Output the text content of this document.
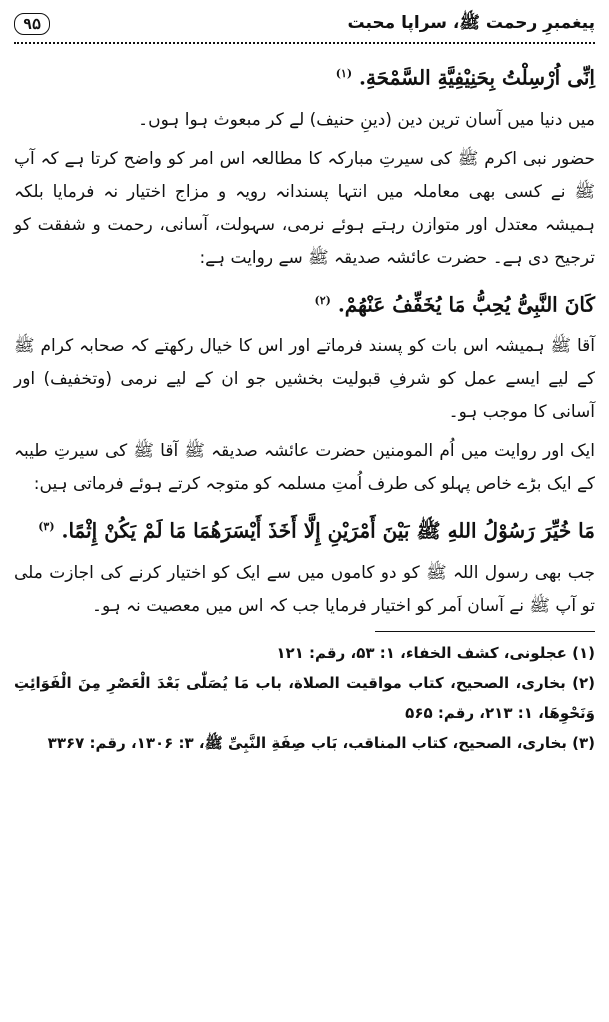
پیغمبرِ رحمت ﷺ، سراپا محبت
۹۵

اِنِّی اُرْسِلْتُ بِحَنِیْفِیَّةِ السَّمْحَةِ. $^{(۱)}$

میں دنیا میں آسان ترین دین (دینِ حنیف) لے کر مبعوث ہوا ہوں۔

حضور نبی اکرم ﷺ کی سیرتِ مبارکہ کا مطالعہ اس امر کو واضح کرتا ہے کہ آپ ﷺ نے کسی بھی معاملہ میں انتہا پسندانہ رویہ و مزاج اختیار نہ فرمایا بلکہ ہمیشہ معتدل اور متوازن رہتے ہوئے نرمی، سہولت، آسانی، رحمت و شفقت کو ترجیح دی ہے۔ حضرت عائشہ صدیقہ ﷺ سے روایت ہے:

کَانَ النَّبِیُّ یُحِبُّ مَا یُخَفِّفُ عَنْهُمْ. $^{(۲)}$

آقا ﷺ ہمیشہ اس بات کو پسند فرماتے اور اس کا خیال رکھتے کہ صحابہ کرام ﷺ کے لیے ایسے عمل کو شرفِ قبولیت بخشیں جو ان کے لیے نرمی (وتخفیف) اور آسانی کا موجب ہو۔

ایک اور روایت میں اُم المومنین حضرت عائشہ صدیقہ ﷺ آقا ﷺ کی سیرتِ طیبہ کے ایک بڑے خاص پہلو کی طرف اُمتِ مسلمہ کو متوجہ کرتے ہوئے فرماتی ہیں:

مَا خُیِّرَ رَسُوْلُ اللهِ ﷺ بَیْنَ أَمْرَیْنِ إِلَّا أَخَذَ أَیْسَرَهُمَا مَا لَمْ یَکُنْ إِثْمًا. $^{(۳)}$

جب بھی رسول اللہ ﷺ کو دو کاموں میں سے ایک کو اختیار کرنے کی اجازت ملی تو آپ ﷺ نے آسان اَمر کو اختیار فرمایا جب کہ اس میں معصیت نہ ہو۔

(۱) عجلونی، کشف الخفاء، ۱: ۵۳، رقم: ۱۲۱

(۲) بخاری، الصحیح، کتاب مواقیت الصلاة، باب مَا یُصَلّٰی بَعْدَ الْعَصْرِ مِنَ الْفَوَائِتِ وَنَحْوِهَا، ۱: ۲۱۳، رقم: ۵۶۵

(۳) بخاری، الصحیح، کتاب المناقب، بَاب صِفَةِ النَّبِیِّ ﷺ، ۳: ۱۳۰۶، رقم: ۳۳۶۷
